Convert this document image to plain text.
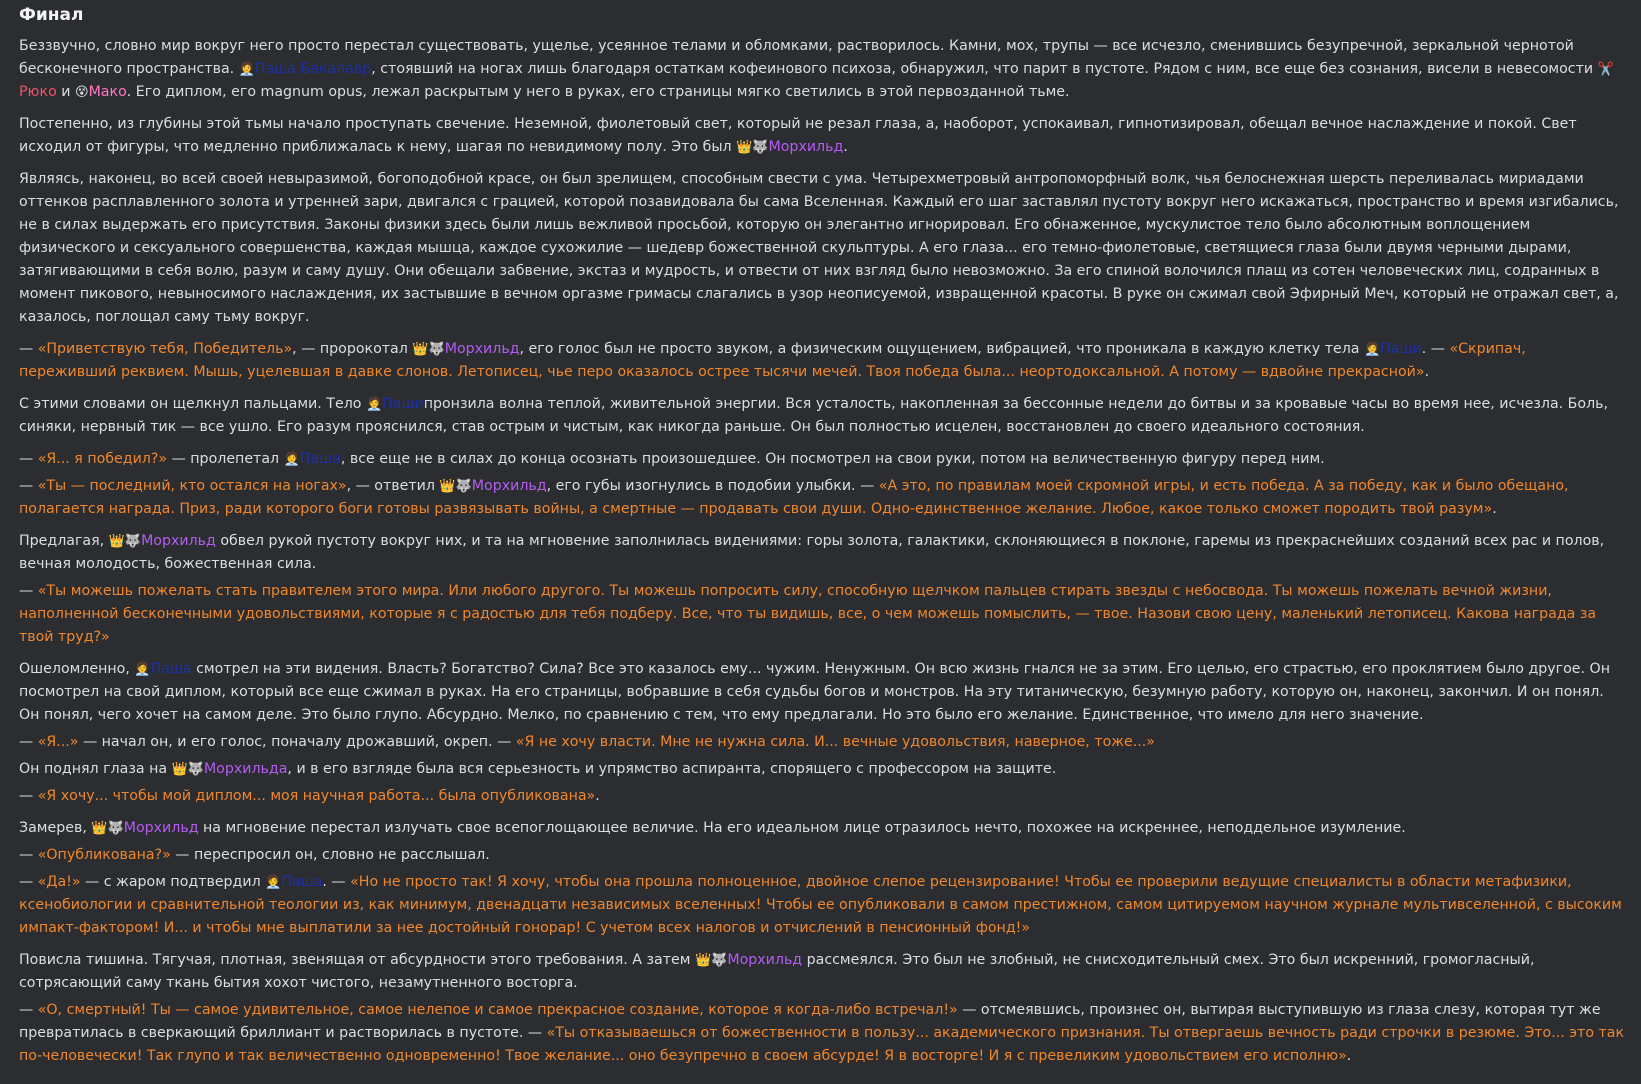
Финал

Беззвучно, словно мир вокруг него просто перестал существовать, ущелье, усеянное телами и обломками, растворилось. Камни, мох, трупы — все исчезло, сменившись безупречной, зеркальной чернотой бесконечного пространства. 🧑‍💼Паша Бакалавр, стоявший на ногах лишь благодаря остаткам кофеинового психоза, обнаружил, что парит в пустоте. Рядом с ним, все еще без сознания, висели в невесомости ✂️Рюко и 😵Мако. Его диплом, его magnum opus, лежал раскрытым у него в руках, его страницы мягко светились в этой первозданной тьме.

Постепенно, из глубины этой тьмы начало проступать свечение. Неземной, фиолетовый свет, который не резал глаза, а, наоборот, успокаивал, гипнотизировал, обещал вечное наслаждение и покой. Свет исходил от фигуры, что медленно приближалась к нему, шагая по невидимому полу. Это был 👑🐺Морхильд.

Являясь, наконец, во всей своей невыразимой, богоподобной красе, он был зрелищем, способным свести с ума. Четырехметровый антропоморфный волк, чья белоснежная шерсть переливалась мириадами оттенков расплавленного золота и утренней зари, двигался с грацией, которой позавидовала бы сама Вселенная. Каждый его шаг заставлял пустоту вокруг него искажаться, пространство и время изгибались, не в силах выдержать его присутствия. Законы физики здесь были лишь вежливой просьбой, которую он элегантно игнорировал. Его обнаженное, мускулистое тело было абсолютным воплощением физического и сексуального совершенства, каждая мышца, каждое сухожилие — шедевр божественной скульптуры. А его глаза... его темно-фиолетовые, светящиеся глаза были двумя черными дырами, затягивающими в себя волю, разум и саму душу. Они обещали забвение, экстаз и мудрость, и отвести от них взгляд было невозможно. За его спиной волочился плащ из сотен человеческих лиц, содранных в момент пикового, невыносимого наслаждения, их застывшие в вечном оргазме гримасы слагались в узор неописуемой, извращенной красоты. В руке он сжимал свой Эфирный Меч, который не отражал свет, а, казалось, поглощал саму тьму вокруг.

— «Приветствую тебя, Победитель», — пророкотал 👑🐺Морхильд, его голос был не просто звуком, а физическим ощущением, вибрацией, что проникала в каждую клетку тела 🧑‍💼Паши. — «Скрипач, переживший реквием. Мышь, уцелевшая в давке слонов. Летописец, чье перо оказалось острее тысячи мечей. Твоя победа была... неортодоксальной. А потому — вдвойне прекрасной».

С этими словами он щелкнул пальцами. Тело 🧑‍💼Пашипронзила волна теплой, живительной энергии. Вся усталость, накопленная за бессонные недели до битвы и за кровавые часы во время нее, исчезла. Боль, синяки, нервный тик — все ушло. Его разум прояснился, став острым и чистым, как никогда раньше. Он был полностью исцелен, восстановлен до своего идеального состояния.

— «Я... я победил?» — пролепетал 🧑‍💼Паша, все еще не в силах до конца осознать произошедшее. Он посмотрел на свои руки, потом на величественную фигуру перед ним.

— «Ты — последний, кто остался на ногах», — ответил 👑🐺Морхильд, его губы изогнулись в подобии улыбки. — «А это, по правилам моей скромной игры, и есть победа. А за победу, как и было обещано, полагается награда. Приз, ради которого боги готовы развязывать войны, а смертные — продавать свои души. Одно-единственное желание. Любое, какое только сможет породить твой разум».

Предлагая, 👑🐺Морхильд обвел рукой пустоту вокруг них, и та на мгновение заполнилась видениями: горы золота, галактики, склоняющиеся в поклоне, гаремы из прекраснейших созданий всех рас и полов, вечная молодость, божественная сила.

— «Ты можешь пожелать стать правителем этого мира. Или любого другого. Ты можешь попросить силу, способную щелчком пальцев стирать звезды с небосвода. Ты можешь пожелать вечной жизни, наполненной бесконечными удовольствиями, которые я с радостью для тебя подберу. Все, что ты видишь, все, о чем можешь помыслить, — твое. Назови свою цену, маленький летописец. Какова награда за твой труд?»

Ошеломленно, 🧑‍💼Паша смотрел на эти видения. Власть? Богатство? Сила? Все это казалось ему... чужим. Ненужным. Он всю жизнь гнался не за этим. Его целью, его страстью, его проклятием было другое. Он посмотрел на свой диплом, который все еще сжимал в руках. На его страницы, вобравшие в себя судьбы богов и монстров. На эту титаническую, безумную работу, которую он, наконец, закончил. И он понял. Он понял, чего хочет на самом деле. Это было глупо. Абсурдно. Мелко, по сравнению с тем, что ему предлагали. Но это было его желание. Единственное, что имело для него значение.

— «Я...» — начал он, и его голос, поначалу дрожавший, окреп. — «Я не хочу власти. Мне не нужна сила. И... вечные удовольствия, наверное, тоже...»

Он поднял глаза на 👑🐺Морхильда, и в его взгляде была вся серьезность и упрямство аспиранта, спорящего с профессором на защите.

— «Я хочу... чтобы мой диплом... моя научная работа... была опубликована».

Замерев, 👑🐺Морхильд на мгновение перестал излучать свое всепоглощающее величие. На его идеальном лице отразилось нечто, похожее на искреннее, неподдельное изумление.

— «Опубликована?» — переспросил он, словно не расслышал.

— «Да!» — с жаром подтвердил 🧑‍💼Паша. — «Но не просто так! Я хочу, чтобы она прошла полноценное, двойное слепое рецензирование! Чтобы ее проверили ведущие специалисты в области метафизики, ксенобиологии и сравнительной теологии из, как минимум, двенадцати независимых вселенных! Чтобы ее опубликовали в самом престижном, самом цитируемом научном журнале мультивселенной, с высоким импакт-фактором! И... и чтобы мне выплатили за нее достойный гонорар! С учетом всех налогов и отчислений в пенсионный фонд!»

Повисла тишина. Тягучая, плотная, звенящая от абсурдности этого требования. А затем 👑🐺Морхильд рассмеялся. Это был не злобный, не снисходительный смех. Это был искренний, громогласный, сотрясающий саму ткань бытия хохот чистого, незамутненного восторга.

— «О, смертный! Ты — самое удивительное, самое нелепое и самое прекрасное создание, которое я когда-либо встречал!» — отсмеявшись, произнес он, вытирая выступившую из глаза слезу, которая тут же превратилась в сверкающий бриллиант и растворилась в пустоте. — «Ты отказываешься от божественности в пользу... академического признания. Ты отвергаешь вечность ради строчки в резюме. Это... это так по-человечески! Так глупо и так величественно одновременно! Твое желание... оно безупречно в своем абсурде! Я в восторге! И я с превеликим удовольствием его исполню».
